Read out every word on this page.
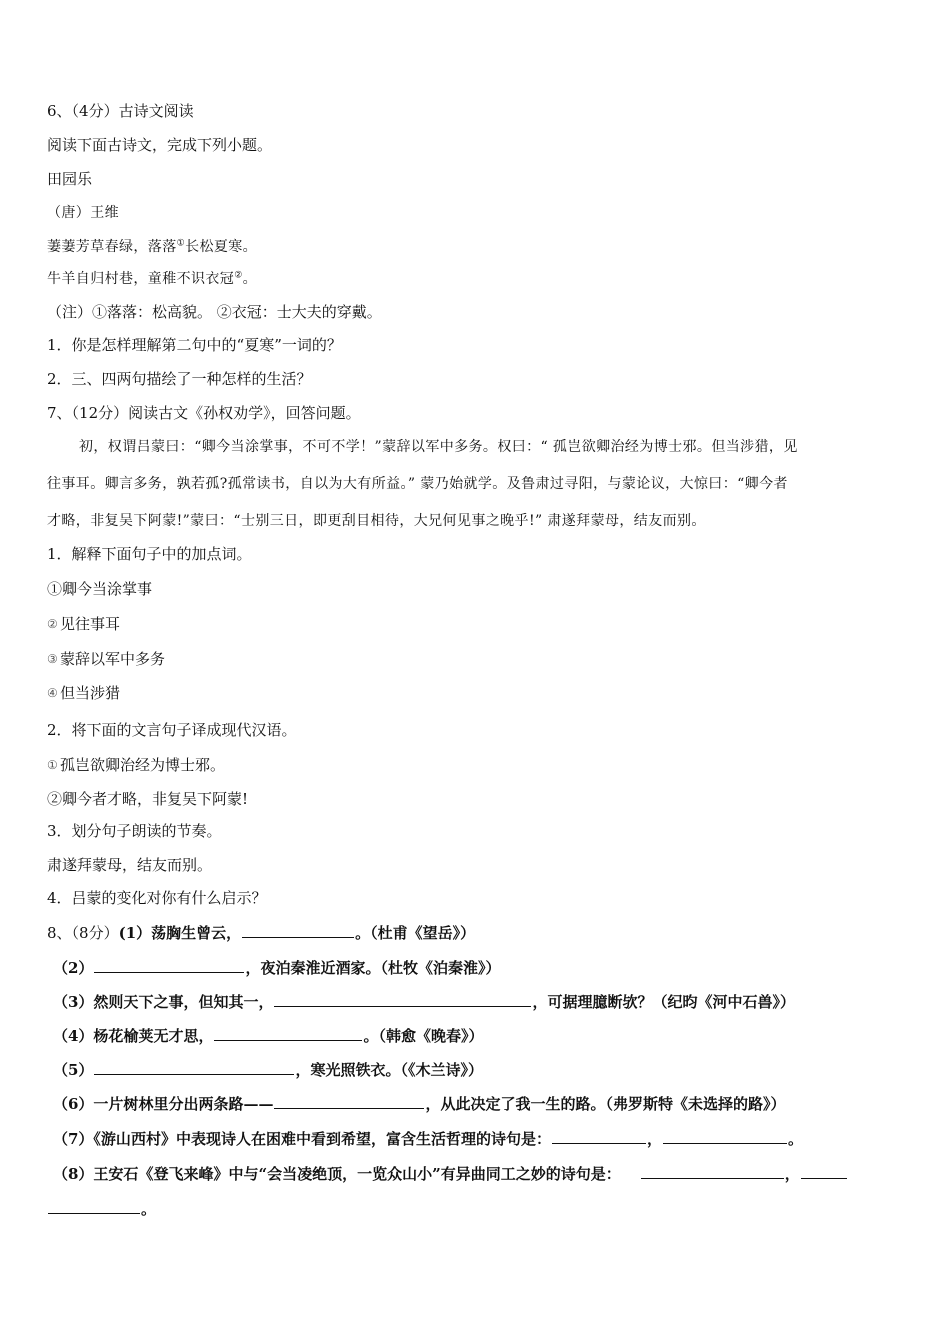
6、（4分）古诗文阅读
阅读下面古诗文，完成下列小题。
田园乐
（唐）王维
萋萋芳草春绿，落落①长松夏寒。
牛羊自归村巷，童稚不识衣冠②。
（注）①落落：松高貌。 ②衣冠：士大夫的穿戴。
1．你是怎样理解第二句中的“夏寒”一词的？
2．三、四两句描绘了一种怎样的生活？
7、（12分）阅读古文《孙权劝学》，回答问题。
初，权谓吕蒙曰：“卿今当涂掌事，不可不学！”蒙辞以军中多务。权曰：“ 孤岂欲卿治经为博士邪。但当涉猎，见
往事耳。卿言多务，孰若孤?孤常读书，自以为大有所益。” 蒙乃始就学。及鲁肃过寻阳，与蒙论议，大惊曰：“卿今者
才略，非复吴下阿蒙!”蒙曰：“士别三日，即更刮目相待，大兄何见事之晚乎!” 肃遂拜蒙母，结友而别。
1．解释下面句子中的加点词。
①卿今当涂掌事
② 见往事耳
③ 蒙辞以军中多务
④ 但当涉猎
2．将下面的文言句子译成现代汉语。
① 孤岂欲卿治经为博士邪。
②卿今者才略，非复吴下阿蒙!
3．划分句子朗读的节奏。
肃遂拜蒙母，结友而别。
4．吕蒙的变化对你有什么启示？
8、（8分）(1）荡胸生曾云，	。（杜甫《望岳》）
（2）	，夜泊秦淮近酒家。（杜牧《泊秦淮》）
（3）然则天下之事，但知其一，	，可据理臆断欤？（纪昀《河中石兽》）
（4）杨花榆荚无才思，	。（韩愈《晚春》）
（5）	，寒光照铁衣。（《木兰诗》）
（6）一片树林里分出两条路——	，从此决定了我一生的路。（弗罗斯特《未选择的路》）
（7）《游山西村》中表现诗人在困难中看到希望，富含生活哲理的诗句是：	，	。
（8）王安石《登飞来峰》中与“会当凌绝顶，一览众山小”有异曲同工之妙的诗句是：	，
。
